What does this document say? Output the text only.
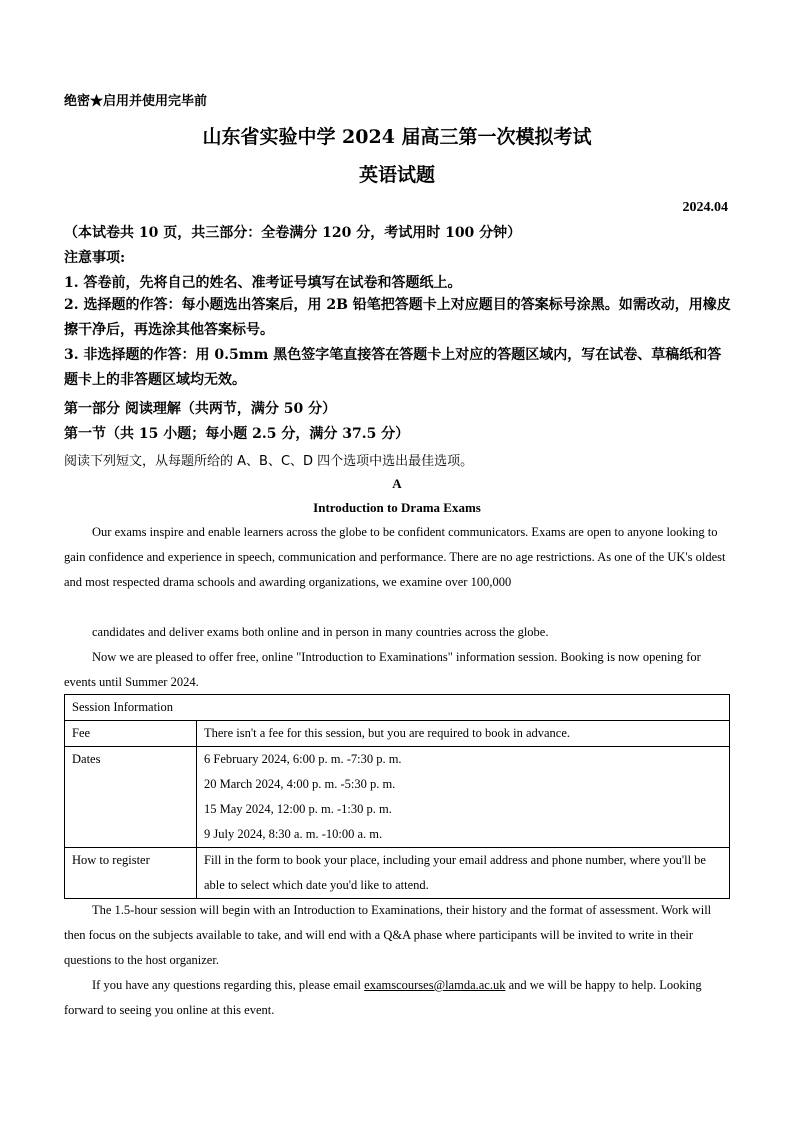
绝密★启用并使用完毕前
山东省实验中学 2024 届高三第一次模拟考试
英语试题
2024.04
（本试卷共 10 页，共三部分：全卷满分 120 分，考试用时 100 分钟）
注意事项:
1. 答卷前，先将自己的姓名、准考证号填写在试卷和答题纸上。
2. 选择题的作答：每小题选出答案后，用 2B 铅笔把答题卡上对应题目的答案标号涂黑。如需改动，用橡皮擦干净后，再选涂其他答案标号。
3. 非选择题的作答：用 0.5mm 黑色签字笔直接答在答题卡上对应的答题区域内，写在试卷、草稿纸和答题卡上的非答题区域均无效。
第一部分 阅读理解（共两节，满分 50 分）
第一节（共 15 小题；每小题 2.5 分，满分 37.5 分）
阅读下列短文，从每题所给的 A、B、C、D 四个选项中选出最佳选项。
A
Introduction to Drama Exams
Our exams inspire and enable learners across the globe to be confident communicators. Exams are open to anyone looking to gain confidence and experience in speech, communication and performance. There are no age restrictions. As one of the UK's oldest and most respected drama schools and awarding organizations, we examine over 100,000
candidates and deliver exams both online and in person in many countries across the globe.
Now we are pleased to offer free, online "Introduction to Examinations" information session. Booking is now opening for events until Summer 2024.
Session Information	
Fee	There isn't a fee for this session, but you are required to book in advance.
Dates	6 February 2024, 6:00 p. m. -7:30 p. m.
20 March 2024, 4:00 p. m. -5:30 p. m.
15 May 2024, 12:00 p. m. -1:30 p. m.
9 July 2024, 8:30 a. m. -10:00 a. m.

How to register	Fill in the form to book your place, including your email address and phone number, where you'll be able to select which date you'd like to attend.
The 1.5-hour session will begin with an Introduction to Examinations, their history and the format of assessment. Work will then focus on the subjects available to take, and will end with a Q&A phase where participants will be invited to write in their questions to the host organizer.
If you have any questions regarding this, please email examscourses@lamda.ac.uk and we will be happy to help. Looking forward to seeing you online at this event.
